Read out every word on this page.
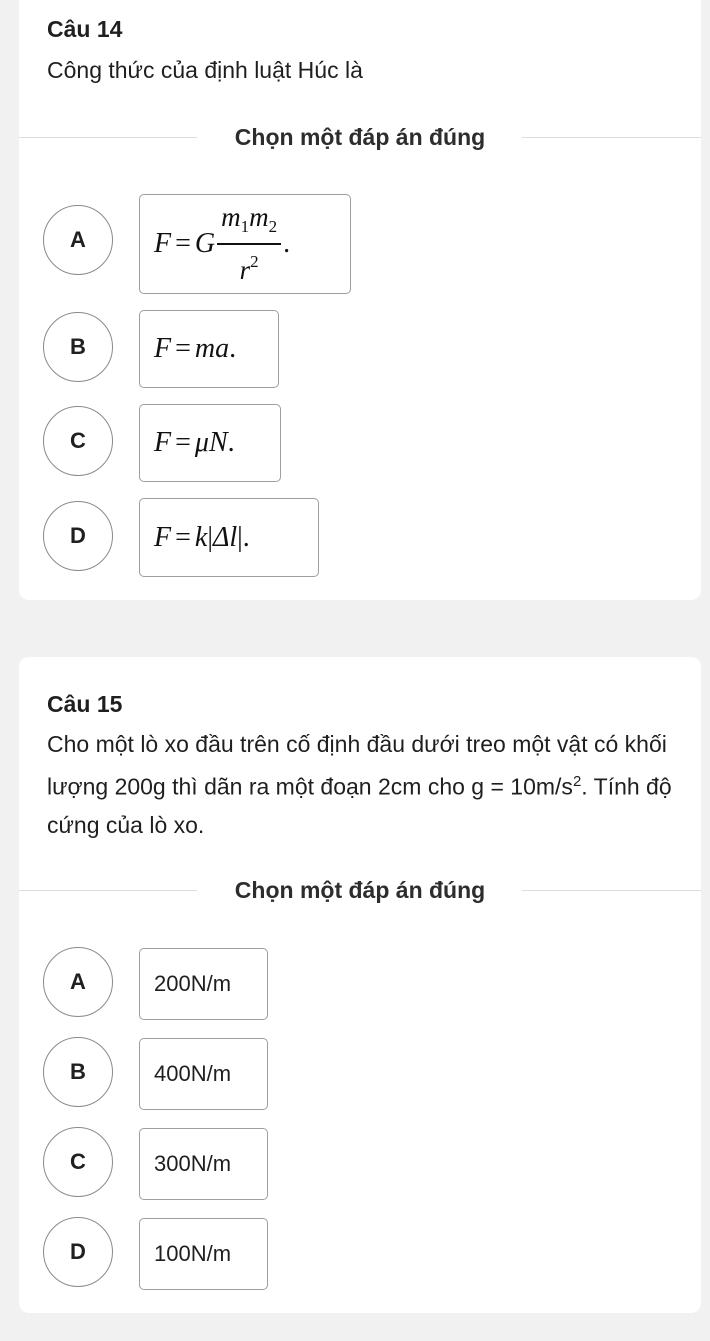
Câu 14
Công thức của định luật Húc là
Chọn một đáp án đúng
A	F = G $\frac{m_1m_2}{r^2}$ .
B	F = ma .
C	F = μN .
D	F = k | Δl |.
Câu 15
Cho một lò xo đầu trên cố định đầu dưới treo một vật có khối lượng 200g thì dãn ra một đoạn 2cm cho $g = 10m/s^2$. Tính độ cứng của lò xo.
Chọn một đáp án đúng
A	200N/m
B	400N/m
C	300N/m
D	100N/m
